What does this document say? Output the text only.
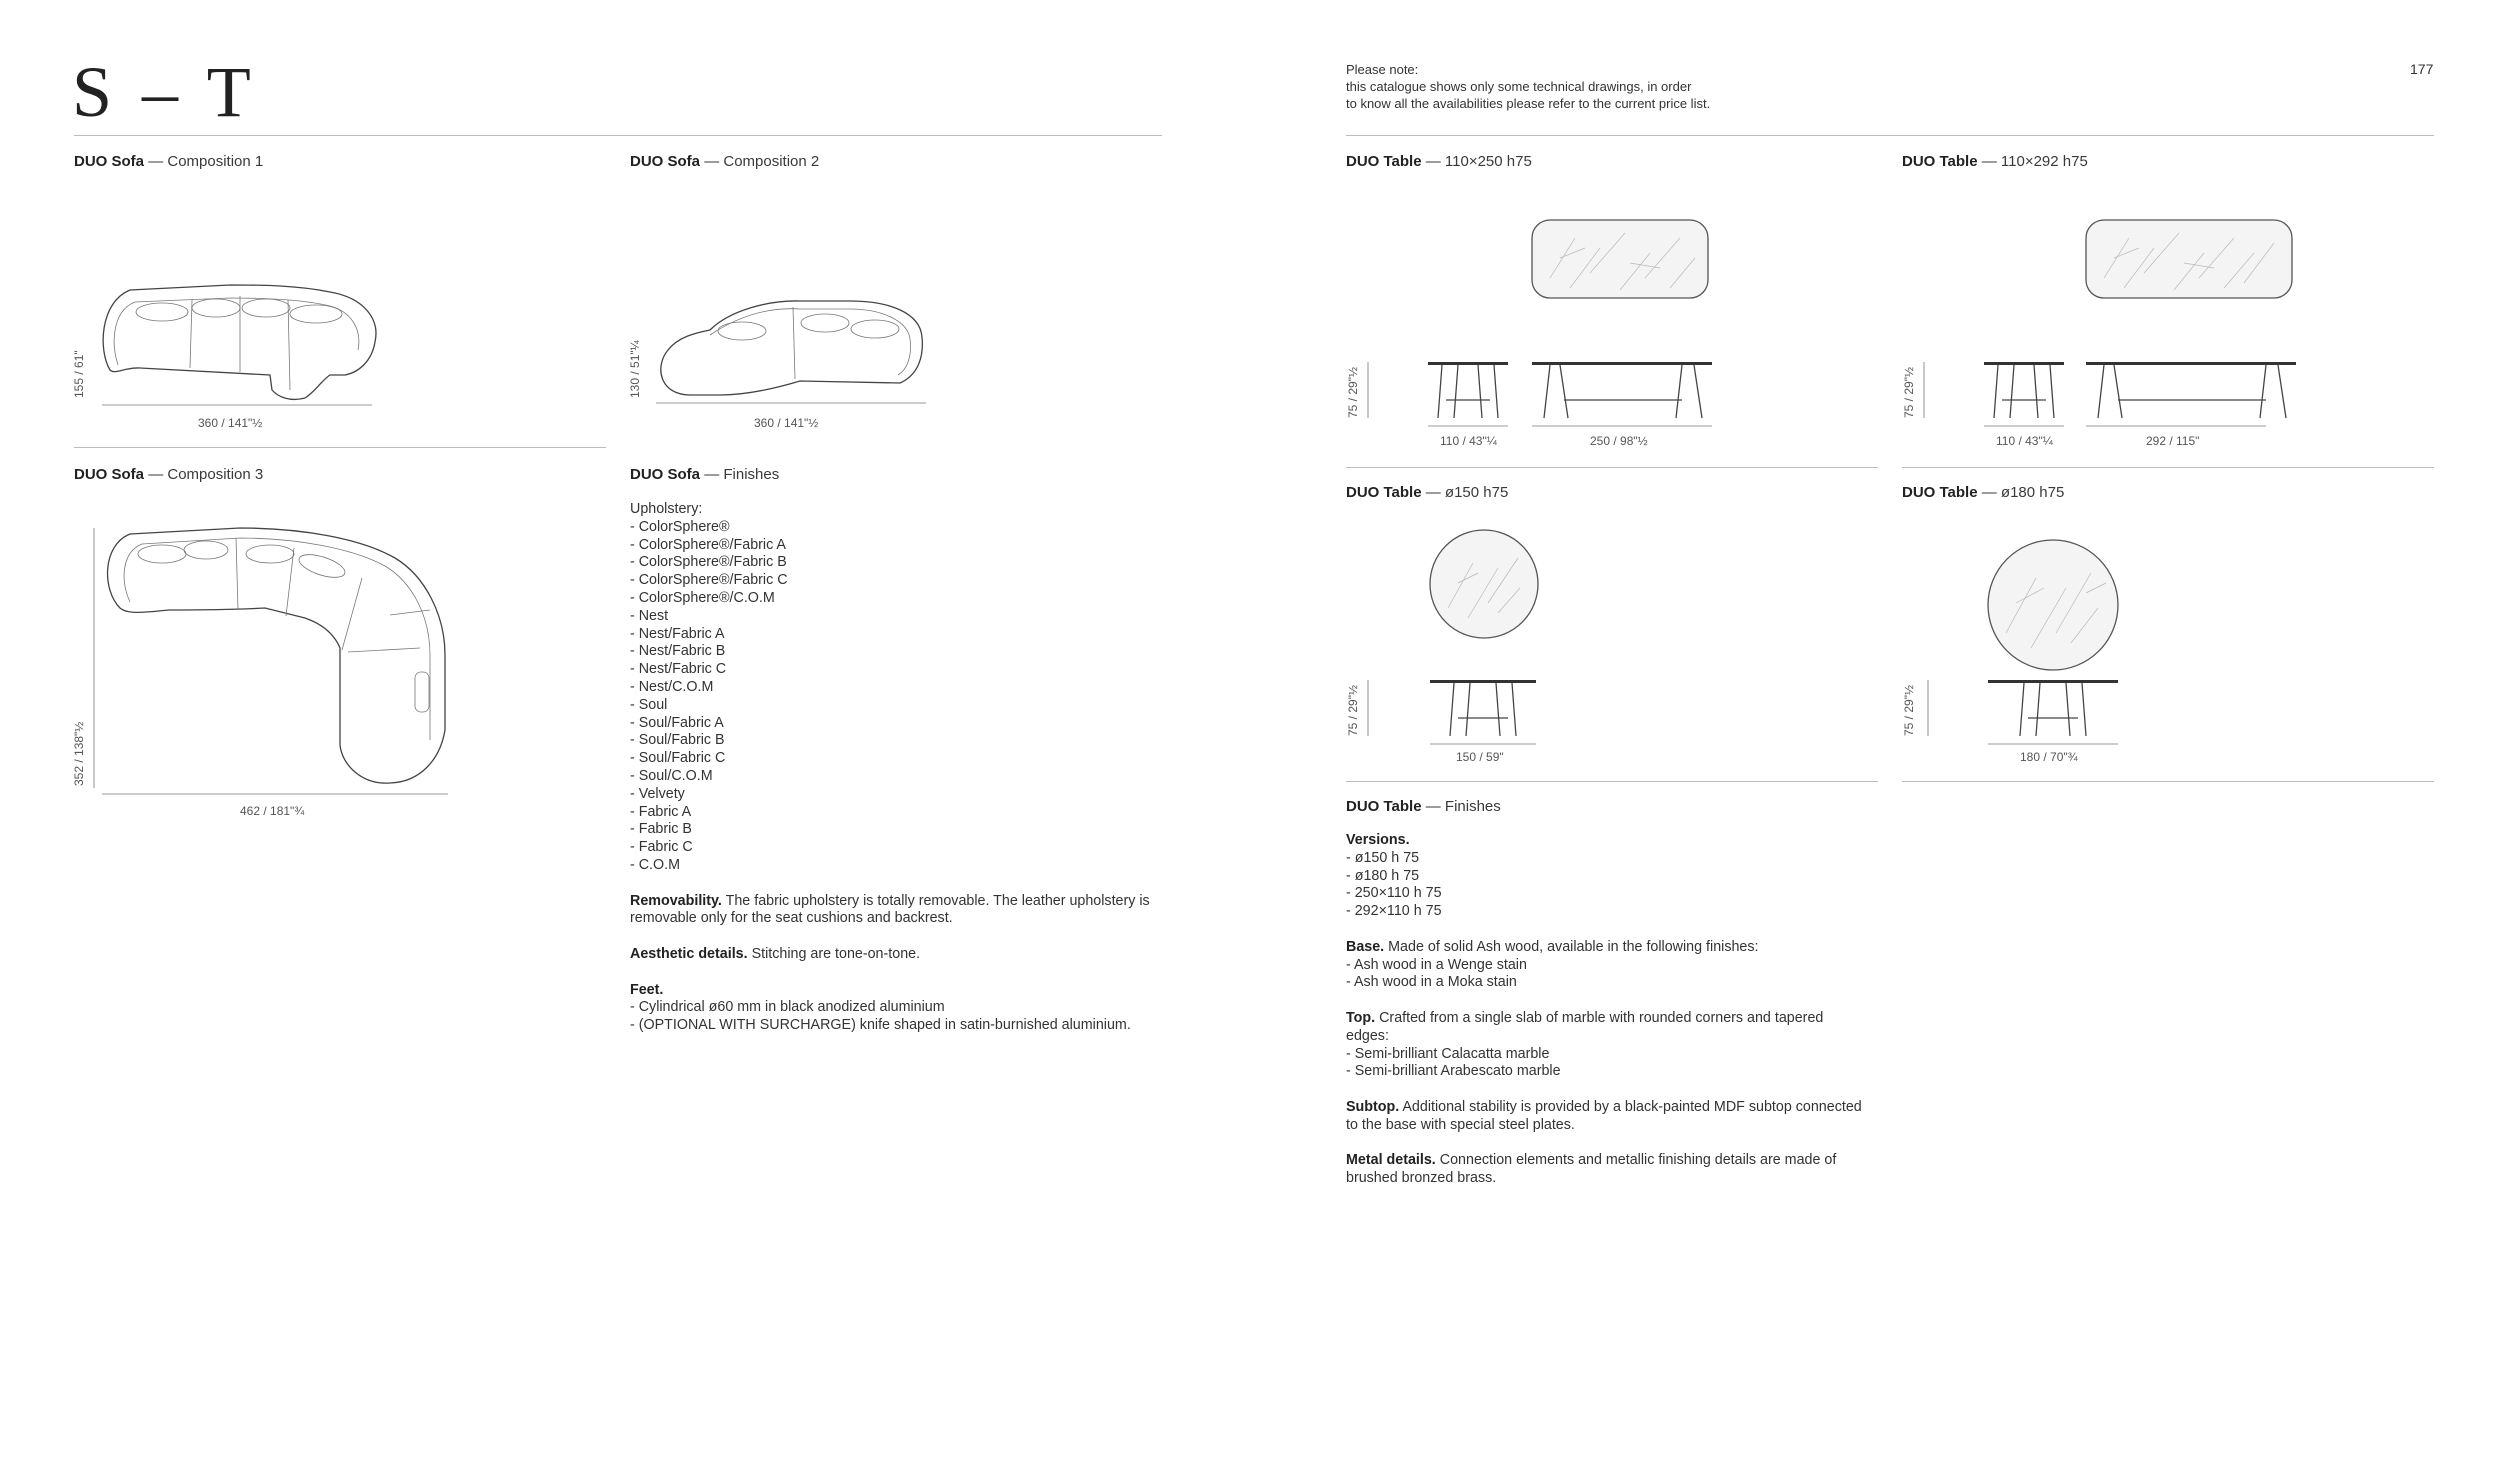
S – T
DUO Sofa — Composition 1
155 / 61"
360 / 141"½
DUO Sofa — Composition 2
130 / 51"¼
360 / 141"½
DUO Sofa — Composition 3
352 / 138"½
462 / 181"¾
DUO Sofa — Finishes
Upholstery:
- ColorSphere®
- ColorSphere®/Fabric A
- ColorSphere®/Fabric B
- ColorSphere®/Fabric C
- ColorSphere®/C.O.M
- Nest
- Nest/Fabric A
- Nest/Fabric B
- Nest/Fabric C
- Nest/C.O.M
- Soul
- Soul/Fabric A
- Soul/Fabric B
- Soul/Fabric C
- Soul/C.O.M
- Velvety
- Fabric A
- Fabric B
- Fabric C
- C.O.M
Removability. The fabric upholstery is totally removable. The leather upholstery is removable only for the seat cushions and backrest.
Aesthetic details. Stitching are tone-on-tone.
Feet.
- Cylindrical ø60 mm in black anodized aluminium
- (OPTIONAL WITH SURCHARGE) knife shaped in satin-burnished aluminium.
Please note:
this catalogue shows only some technical drawings, in order
to know all the availabilities please refer to the current price list.
177
DUO Table — 110×250 h75
75 / 29"½
110 / 43"¼	250 / 98"½
DUO Table — 110×292 h75
75 / 29"½
110 / 43"¼	292 / 115"
DUO Table — ø150 h75
75 / 29"½
150 / 59"
DUO Table — ø180 h75
75 / 29"½
180 / 70"¾
DUO Table — Finishes
Versions.
- ø150 h 75
- ø180 h 75
- 250×110 h 75
- 292×110 h 75
Base. Made of solid Ash wood, available in the following finishes:
- Ash wood in a Wenge stain
- Ash wood in a Moka stain
Top. Crafted from a single slab of marble with rounded corners and tapered edges:
- Semi-brilliant Calacatta marble
- Semi-brilliant Arabescato marble
Subtop. Additional stability is provided by a black-painted MDF subtop connected to the base with special steel plates.
Metal details. Connection elements and metallic finishing details are made of brushed bronzed brass.
